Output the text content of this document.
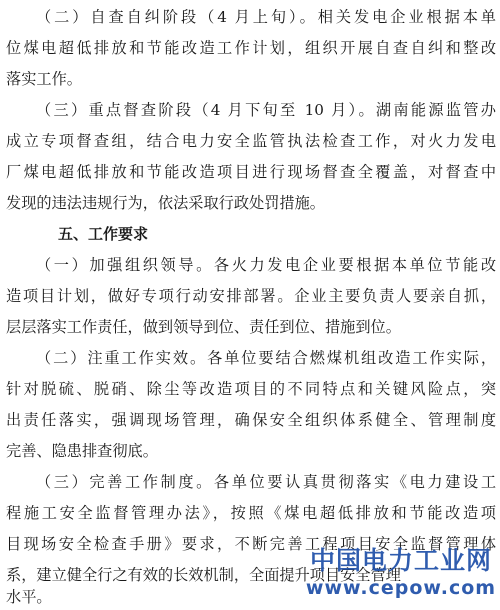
（二）自查自纠阶段（4 月上旬）。相关发电企业根据本单
位煤电超低排放和节能改造工作计划，组织开展自查自纠和整改
落实工作。
（三）重点督查阶段（4 月下旬至 10 月）。湖南能源监管办
成立专项督查组，结合电力安全监管执法检查工作，对火力发电
厂煤电超低排放和节能改造项目进行现场督查全覆盖，对督查中
发现的违法违规行为，依法采取行政处罚措施。
五、工作要求
（一）加强组织领导。各火力发电企业要根据本单位节能改
造项目计划，做好专项行动安排部署。企业主要负责人要亲自抓，
层层落实工作责任，做到领导到位、责任到位、措施到位。
（二）注重工作实效。各单位要结合燃煤机组改造工作实际，
针对脱硫、脱硝、除尘等改造项目的不同特点和关键风险点，突
出责任落实，强调现场管理，确保安全组织体系健全、管理制度
完善、隐患排查彻底。
（三）完善工作制度。各单位要认真贯彻落实《电力建设工
程施工安全监督管理办法》，按照《煤电超低排放和节能改造项
目现场安全检查手册》要求，不断完善工程项目安全监督管理体
系，建立健全行之有效的长效机制，全面提升项目安全管理
水平。
中国电力工业网
www.cepow.com
